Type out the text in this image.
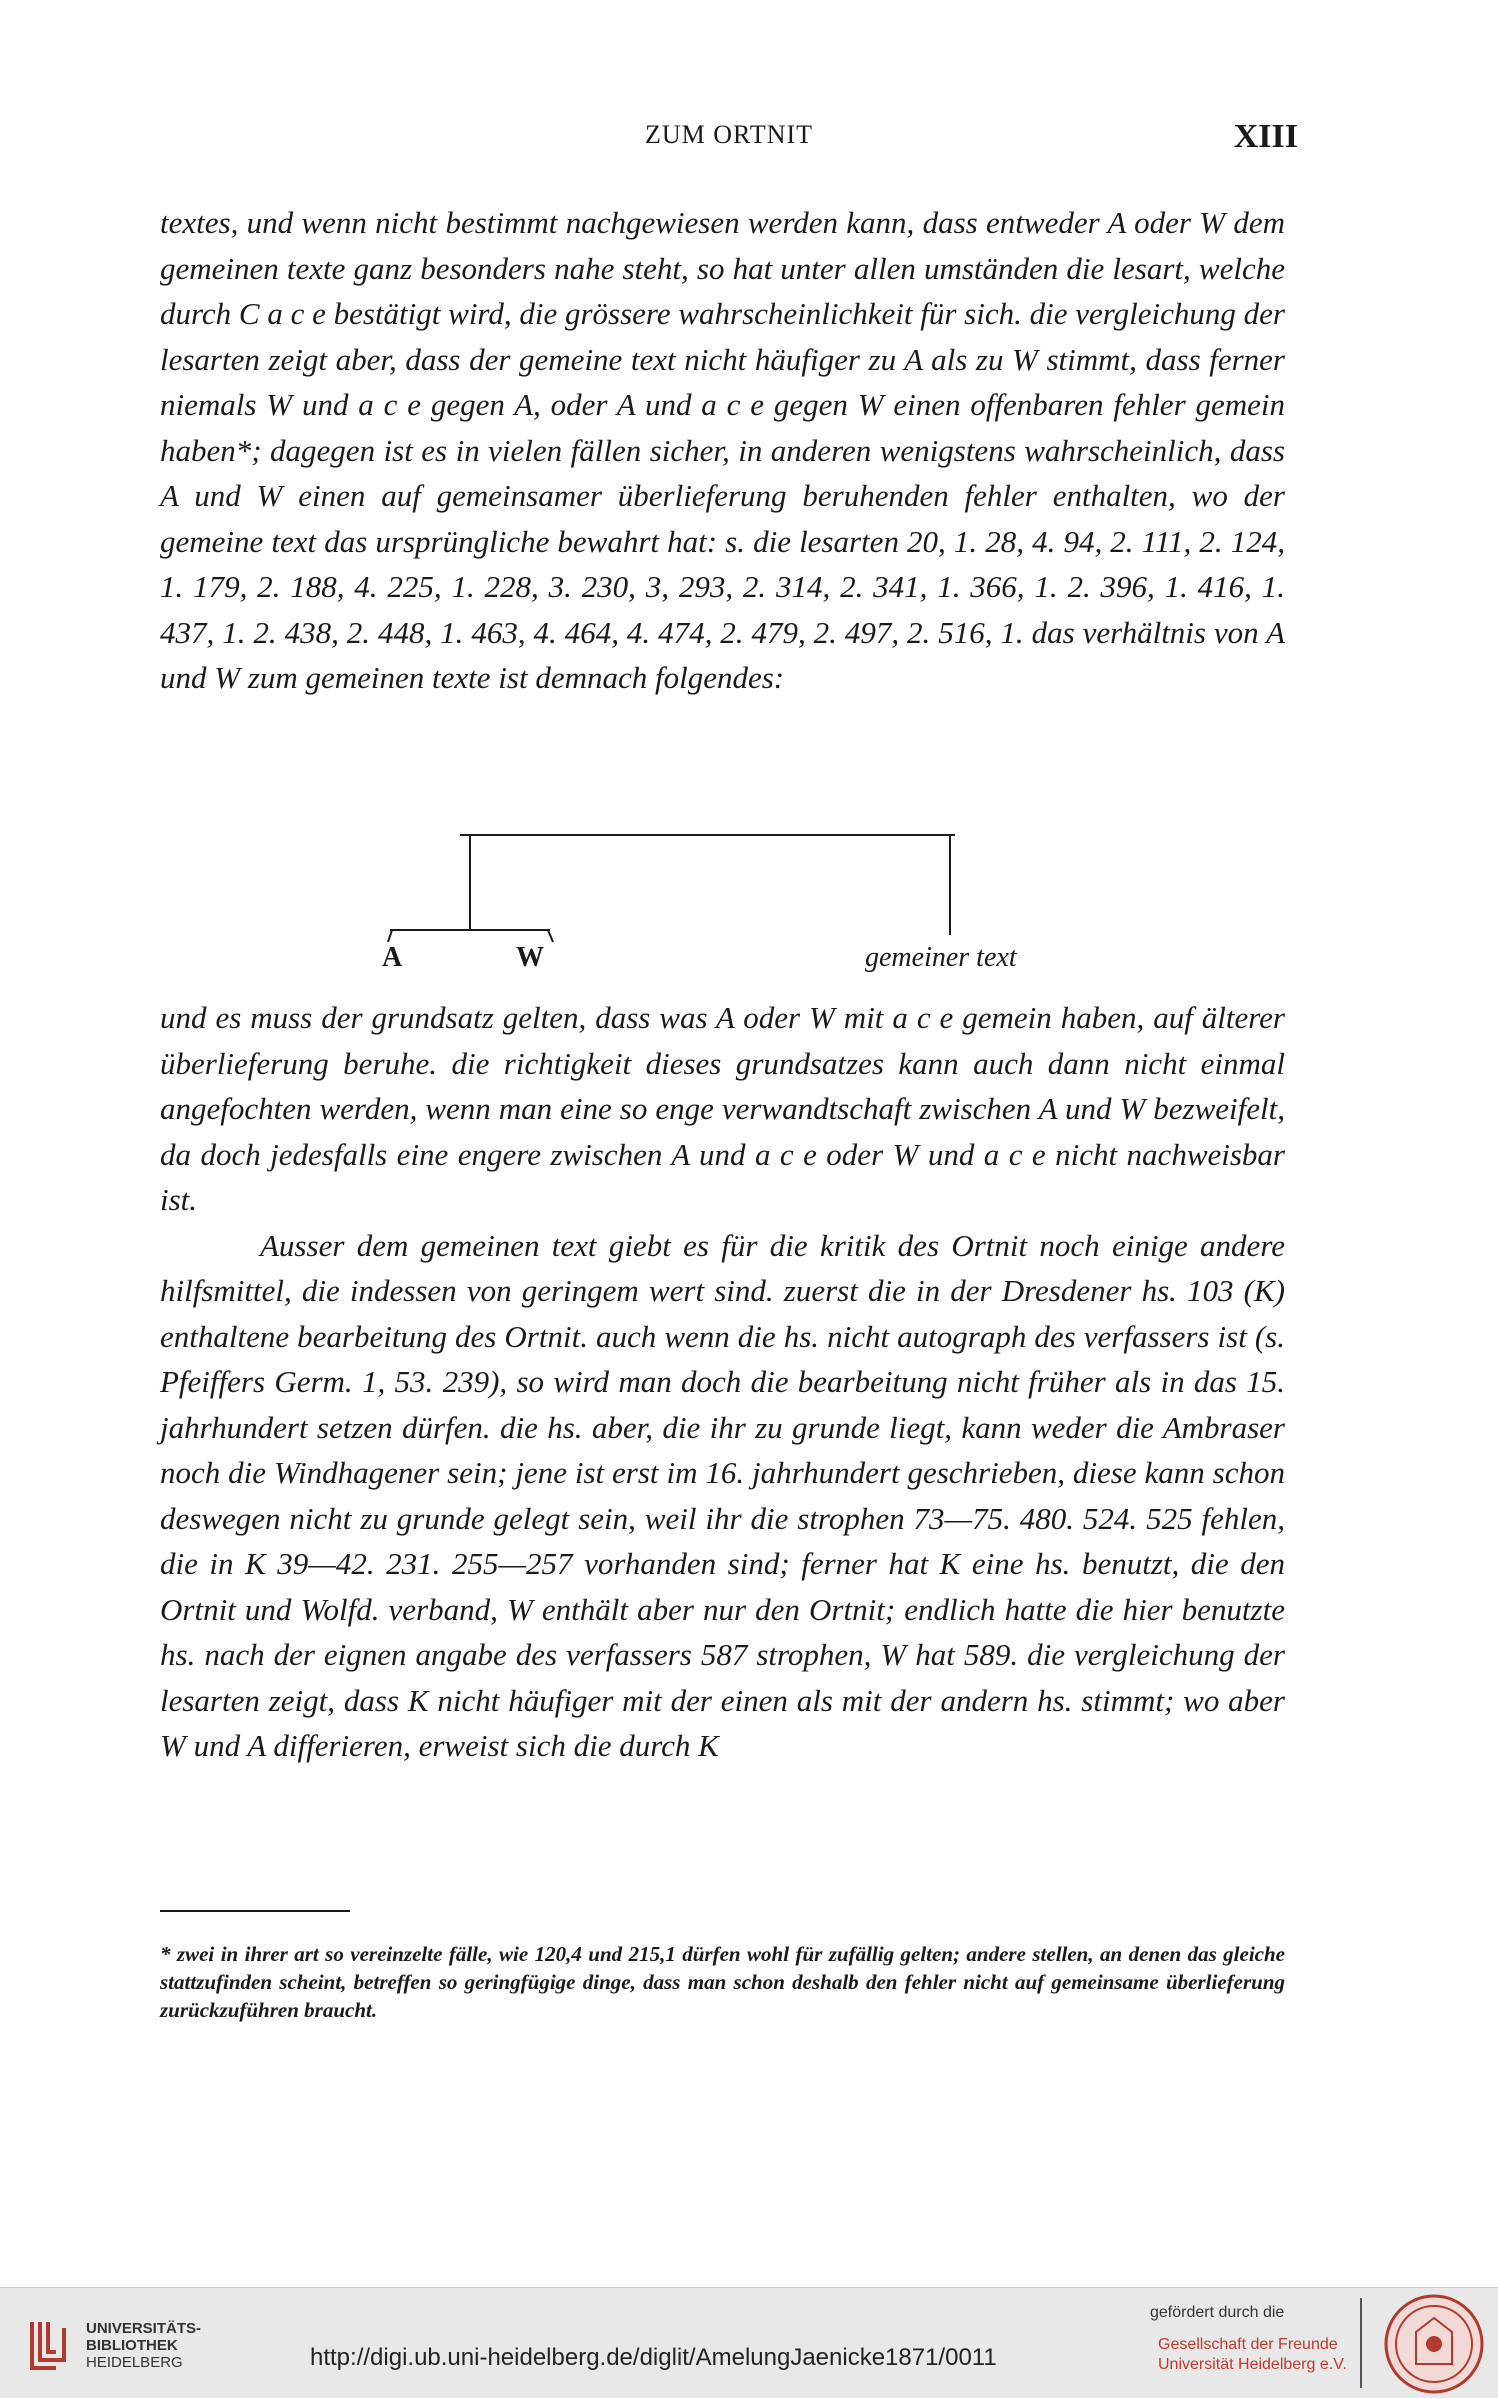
ZUM ORTNIT	XIII

textes, und wenn nicht bestimmt nachgewiesen werden kann, dass entweder A oder W dem gemeinen texte ganz besonders nahe steht, so hat unter allen umständen die lesart, welche durch C a c e bestätigt wird, die grössere wahrscheinlichkeit für sich. die vergleichung der lesarten zeigt aber, dass der gemeine text nicht häufiger zu A als zu W stimmt, dass ferner niemals W und a c e gegen A, oder A und a c e gegen W einen offenbaren fehler gemein haben*; dagegen ist es in vielen fällen sicher, in anderen wenigstens wahrscheinlich, dass A und W einen auf gemeinsamer überlieferung beruhenden fehler enthalten, wo der gemeine text das ursprüngliche bewahrt hat: s. die lesarten 20, 1. 28, 4. 94, 2. 111, 2. 124, 1. 179, 2. 188, 4. 225, 1. 228, 3. 230, 3, 293, 2. 314, 2. 341, 1. 366, 1. 2. 396, 1. 416, 1. 437, 1. 2. 438, 2. 448, 1. 463, 4. 464, 4. 474, 2. 479, 2. 497, 2. 516, 1. das verhältnis von A und W zum gemeinen texte ist demnach folgendes:

A	W	gemeiner text

und es muss der grundsatz gelten, dass was A oder W mit a c e gemein haben, auf älterer überlieferung beruhe. die richtigkeit dieses grundsatzes kann auch dann nicht einmal angefochten werden, wenn man eine so enge verwandtschaft zwischen A und W bezweifelt, da doch jedesfalls eine engere zwischen A und a c e oder W und a c e nicht nachweisbar ist.

Ausser dem gemeinen text giebt es für die kritik des Ortnit noch einige andere hilfsmittel, die indessen von geringem wert sind. zuerst die in der Dresdener hs. 103 (K) enthaltene bearbeitung des Ortnit. auch wenn die hs. nicht autograph des verfassers ist (s. Pfeiffers Germ. 1, 53. 239), so wird man doch die bearbeitung nicht früher als in das 15. jahrhundert setzen dürfen. die hs. aber, die ihr zu grunde liegt, kann weder die Ambraser noch die Windhagener sein; jene ist erst im 16. jahrhundert geschrieben, diese kann schon deswegen nicht zu grunde gelegt sein, weil ihr die strophen 73—75. 480. 524. 525 fehlen, die in K 39—42. 231. 255—257 vorhanden sind; ferner hat K eine hs. benutzt, die den Ortnit und Wolfd. verband, W enthält aber nur den Ortnit; endlich hatte die hier benutzte hs. nach der eignen angabe des verfassers 587 strophen, W hat 589. die vergleichung der lesarten zeigt, dass K nicht häufiger mit der einen als mit der andern hs. stimmt; wo aber W und A differieren, erweist sich die durch K

* zwei in ihrer art so vereinzelte fälle, wie 120,4 und 215,1 dürfen wohl für zufällig gelten; andere stellen, an denen das gleiche stattzufinden scheint, betreffen so geringfügige dinge, dass man schon deshalb den fehler nicht auf gemeinsame überlieferung zurückzuführen braucht.
UNIVERSITÄTS-
BIBLIOTHEK
HEIDELBERG	http://digi.ub.uni-heidelberg.de/diglit/AmelungJaenicke1871/0011
gefördert durch die
Gesellschaft der Freunde
Universität Heidelberg e.V.
